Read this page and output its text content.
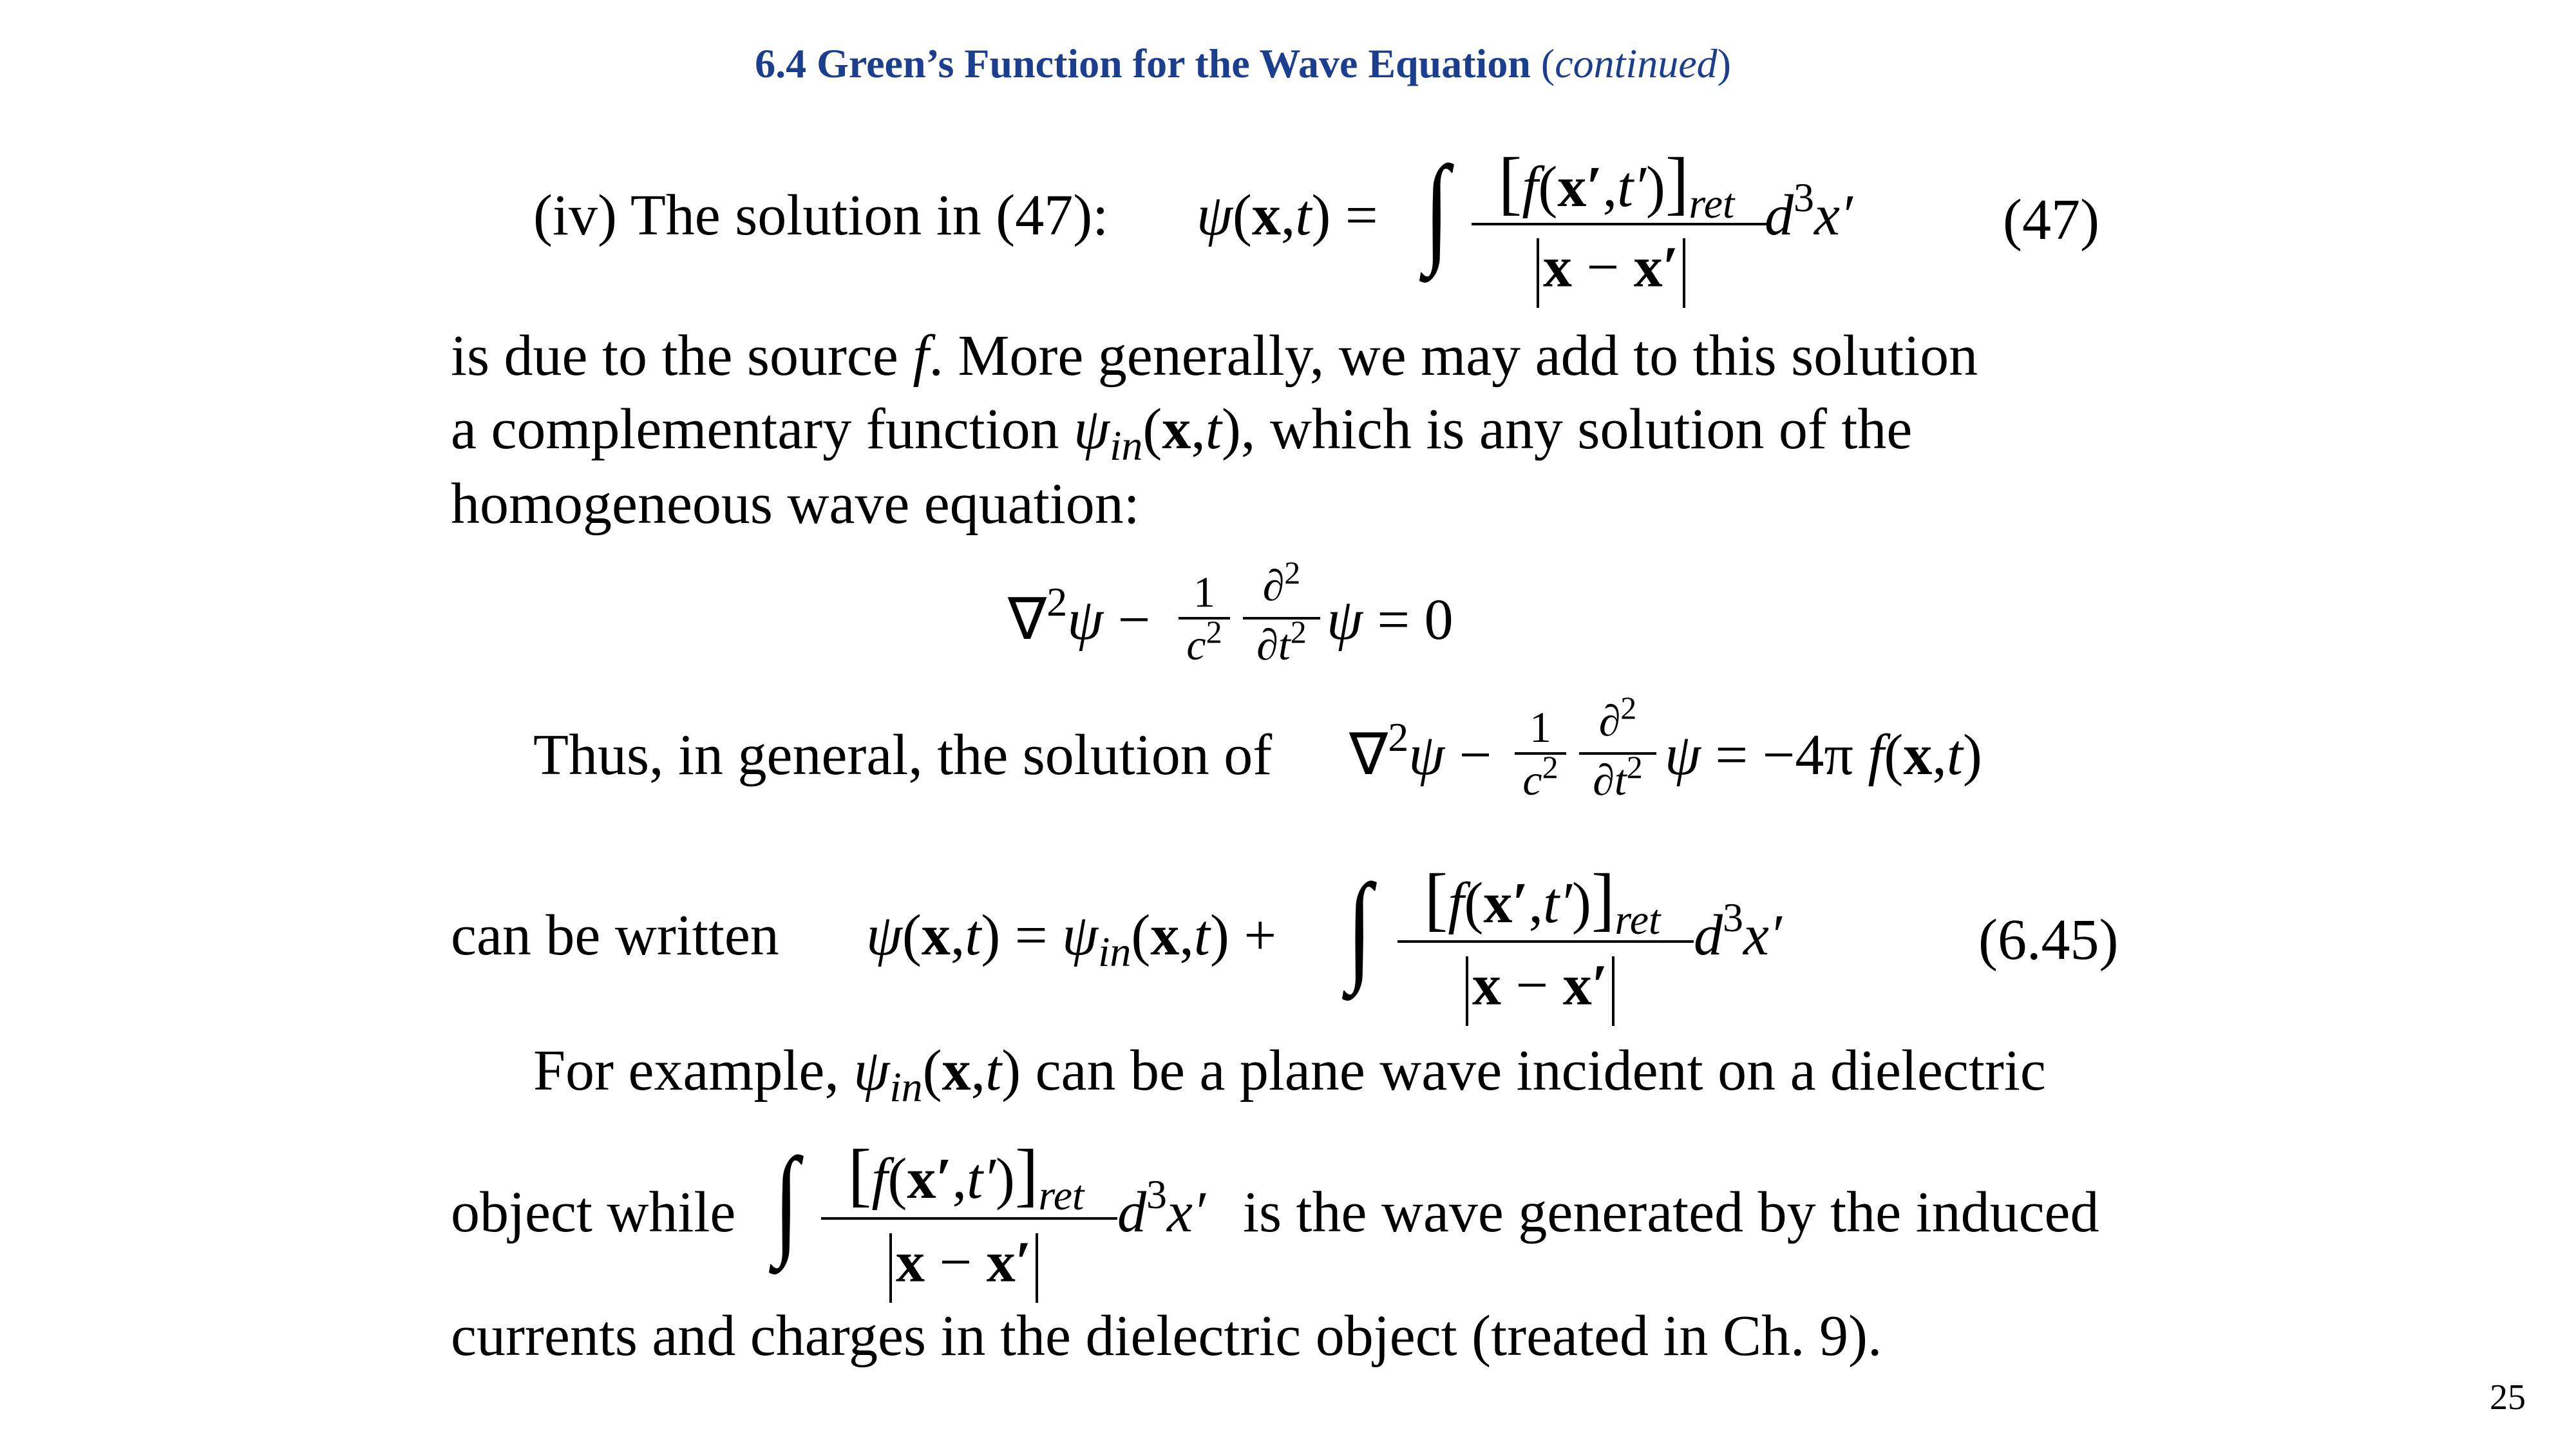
6.4 Green’s Function for the Wave Equation (continued)
(iv) The solution in (47): ψ(x,t) = ∫ $[f(x',t')]_{ret}$
x − x′
$d^3x'$	(47)
is due to the source f. More generally, we may add to this solution
a complementary function $\psi_{in}(x,t)$, which is any solution of the
homogeneous wave equation:
∇$^2$ψ − 1
$c^2$
∂$^2$
$\partial t^2$ ψ = 0
Thus, in general, the solution of ∇$^2$ψ − 1
$c^2$
∂$^2$
$\partial t^2$ ψ = −4π f(x,t)
can be written $\psi(x,t) = \psi_{in}(x,t)$ + ∫ $[f(x',t')]_{ret}$
x − x′
$d^3x'$	(6.45)
For example, $\psi_{in}(x,t)$ can be a plane wave incident on a dielectric
object while ∫ $[f(x',t')]_{ret}$
x − x′
$d^3x'$ is the wave generated by the induced
currents and charges in the dielectric object (treated in Ch. 9).
25
